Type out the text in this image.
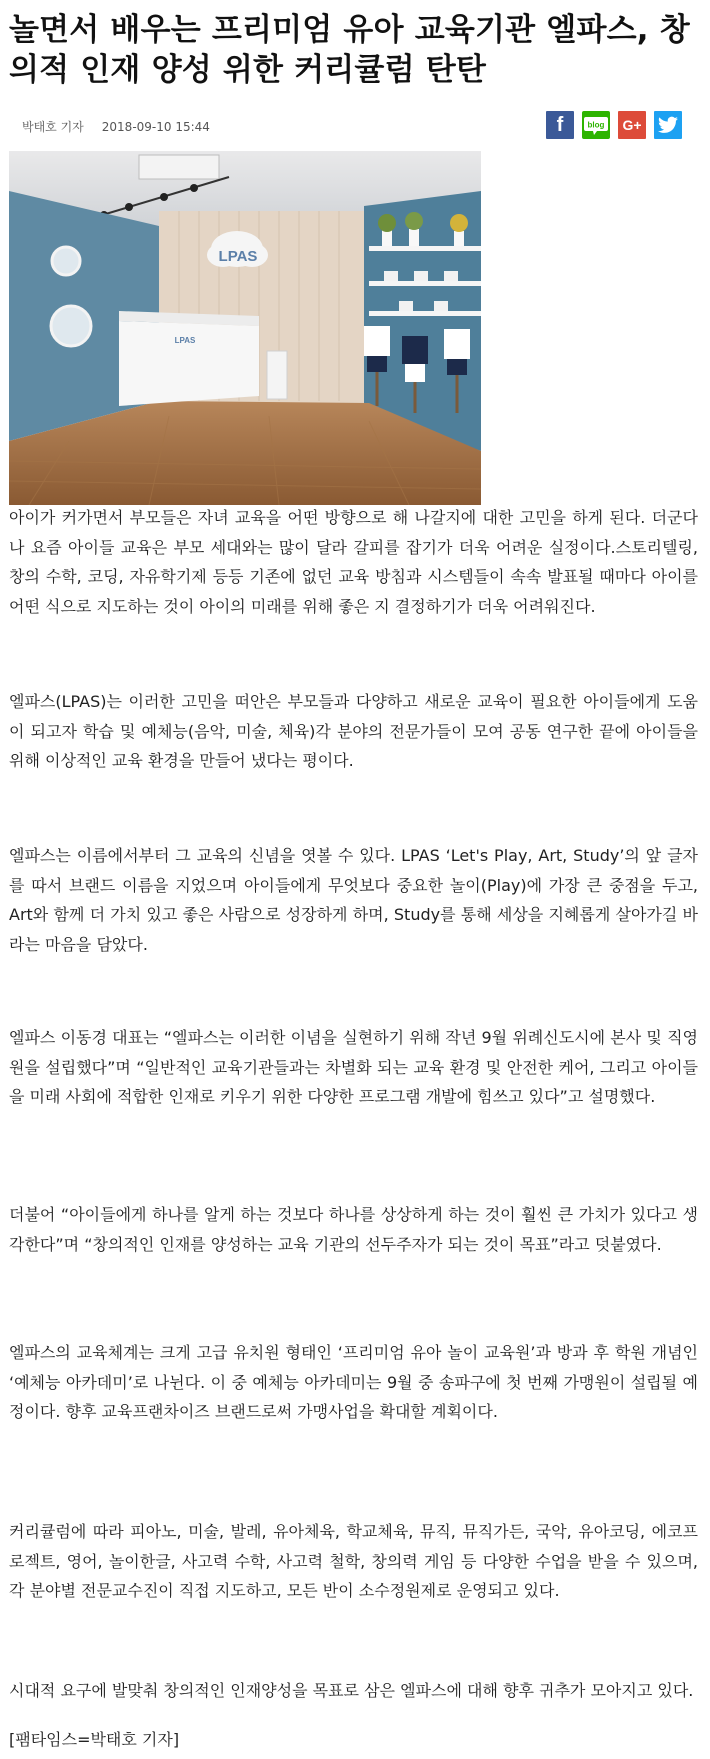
놀면서 배우는 프리미엄 유아 교육기관 엘파스, 창의적 인재 양성 위한 커리큘럼 탄탄
박태호 기자 2018-09-10 15:44	f	blog G+
LPAS
LPAS

아이가 커가면서 부모들은 자녀 교육을 어떤 방향으로 해 나갈지에 대한 고민을 하게 된다. 더군다나 요즘 아이들 교육은 부모 세대와는 많이 달라 갈피를 잡기가 더욱 어려운 실정이다.스토리텔링, 창의 수학, 코딩, 자유학기제 등등 기존에 없던 교육 방침과 시스템들이 속속 발표될 때마다 아이를 어떤 식으로 지도하는 것이 아이의 미래를 위해 좋은 지 결정하기가 더욱 어려워진다.

엘파스(LPAS)는 이러한 고민을 떠안은 부모들과 다양하고 새로운 교육이 필요한 아이들에게 도움이 되고자 학습 및 예체능(음악, 미술, 체육)각 분야의 전문가들이 모여 공동 연구한 끝에 아이들을 위해 이상적인 교육 환경을 만들어 냈다는 평이다.

엘파스는 이름에서부터 그 교육의 신념을 엿볼 수 있다. LPAS ‘Let's Play, Art, Study’의 앞 글자를 따서 브랜드 이름을 지었으며 아이들에게 무엇보다 중요한 놀이(Play)에 가장 큰 중점을 두고, Art와 함께 더 가치 있고 좋은 사람으로 성장하게 하며, Study를 통해 세상을 지혜롭게 살아가길 바라는 마음을 담았다.

엘파스 이동경 대표는 “엘파스는 이러한 이념을 실현하기 위해 작년 9월 위례신도시에 본사 및 직영원을 설립했다”며 “일반적인 교육기관들과는 차별화 되는 교육 환경 및 안전한 케어, 그리고 아이들을 미래 사회에 적합한 인재로 키우기 위한 다양한 프로그램 개발에 힘쓰고 있다”고 설명했다.

더불어 “아이들에게 하나를 알게 하는 것보다 하나를 상상하게 하는 것이 훨씬 큰 가치가 있다고 생각한다”며 “창의적인 인재를 양성하는 교육 기관의 선두주자가 되는 것이 목표”라고 덧붙였다.

엘파스의 교육체계는 크게 고급 유치원 형태인 ‘프리미엄 유아 놀이 교육원’과 방과 후 학원 개념인 ‘예체능 아카데미’로 나뉜다. 이 중 예체능 아카데미는 9월 중 송파구에 첫 번째 가맹원이 설립될 예정이다. 향후 교육프랜차이즈 브랜드로써 가맹사업을 확대할 계획이다.

커리큘럼에 따라 피아노, 미술, 발레, 유아체육, 학교체육, 뮤직, 뮤직가든, 국악, 유아코딩, 에코프로젝트, 영어, 놀이한글, 사고력 수학, 사고력 철학, 창의력 게임 등 다양한 수업을 받을 수 있으며, 각 분야별 전문교수진이 직접 지도하고, 모든 반이 소수정원제로 운영되고 있다.

시대적 요구에 발맞춰 창의적인 인재양성을 목표로 삼은 엘파스에 대해 향후 귀추가 모아지고 있다.

[팸타임스=박태호 기자]
